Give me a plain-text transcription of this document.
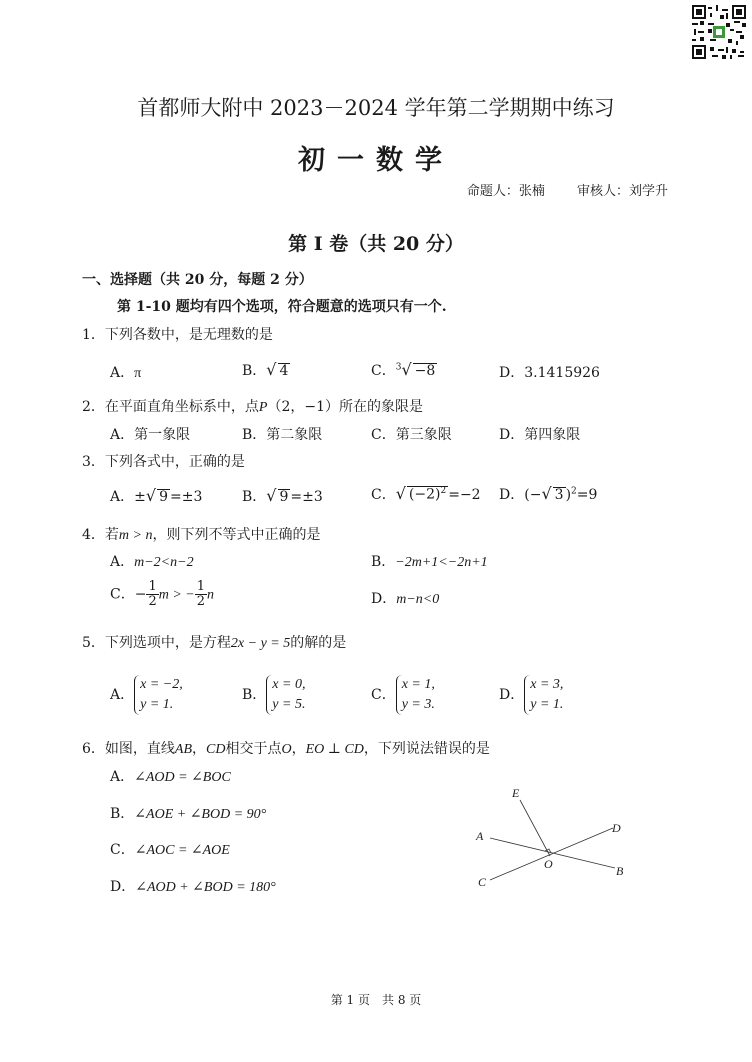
首都师大附中 2023－2024 学年第二学期期中练习
初一数学
命题人：张楠 审核人：刘学升
第 I 卷（共 20 分）
一、选择题（共 20 分，每题 2 分）
第 1-10 题均有四个选项，符合题意的选项只有一个.
1．下列各数中，是无理数的是
A．π	B．√ 4	C．$^3$√ −8	D．3.1415926
2．在平面直角坐标系中，点P（2，−1）所在的象限是
A．第一象限	B．第二象限	C．第三象限	D．第四象限
3．下列各式中，正确的是
A．±√ 9 =±3	B．√ 9 =±3	C．√ $(-2)^2 =-2$ D．(−√ 3 )$^2$=9
4．若m > n，则下列不等式中正确的是
A．m−2<n−2	B．−2m+1<−2n+1
C．− $\frac{1}{2}$ m > − $\frac{1}{2}$ n	D．m−n<0
5．下列选项中，是方程2x − y = 5的解的是
A．
x = −2,
y = 1.
B．
x = 0,
y = 5.
C．
x = 1,
y = 3.
D．
x = 3,
y = 1.
6．如图，直线AB，CD相交于点O，EO ⊥ CD，下列说法错误的是
A．∠AOD = ∠BOC
B．∠AOE + ∠BOD = 90°
C．∠AOC = ∠AOE
D．∠AOD + ∠BOD = 180°
E
A
D
O	B
C
第 1 页 共 8 页
